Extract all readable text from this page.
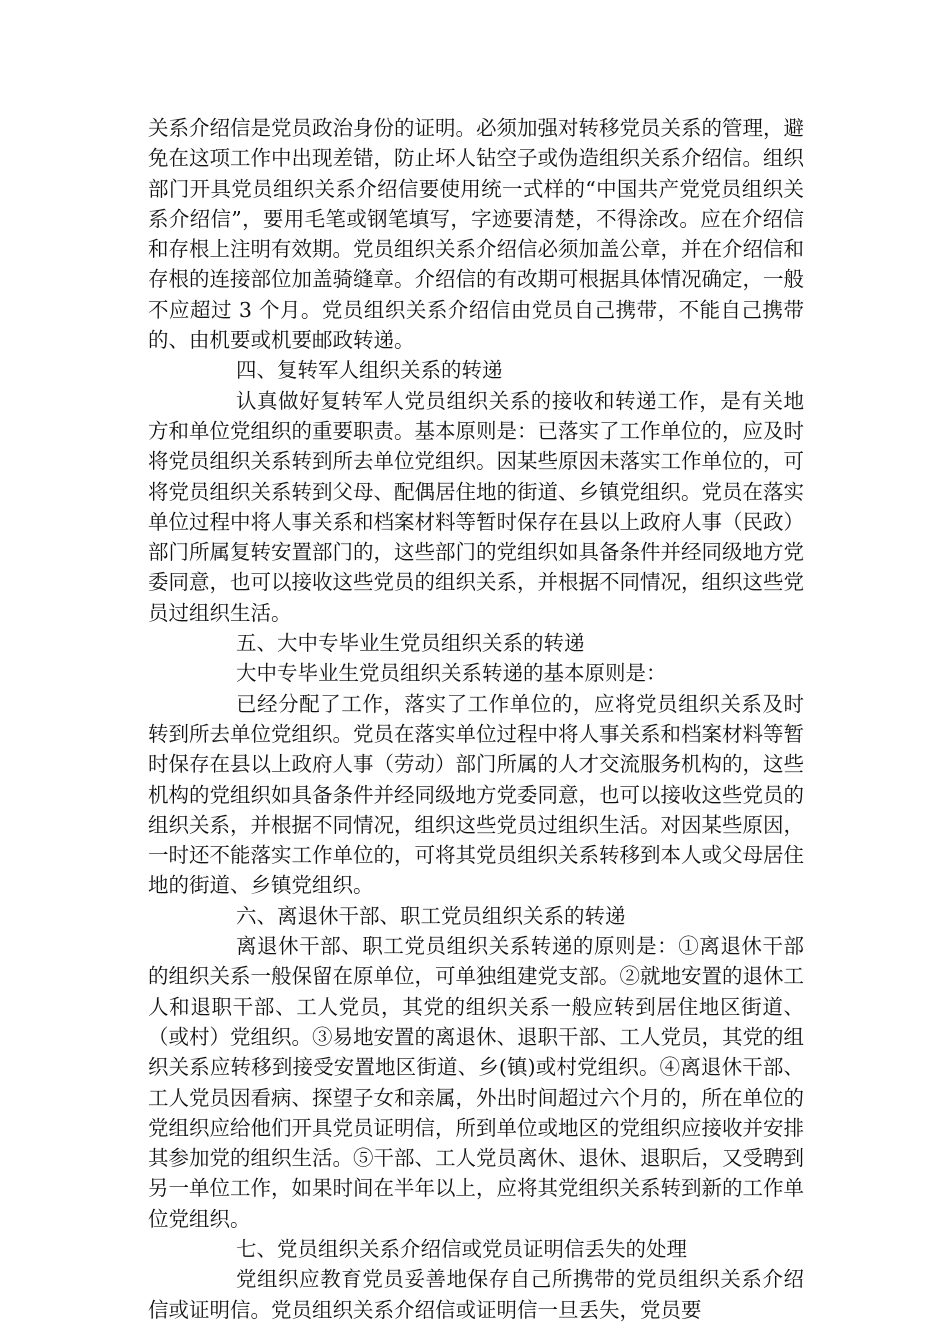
关系介绍信是党员政治身份的证明。必须加强对转移党员关系的管理，避免在这项工作中出现差错，防止坏人钻空子或伪造组织关系介绍信。组织部门开具党员组织关系介绍信要使用统一式样的“中国共产党党员组织关系介绍信”，要用毛笔或钢笔填写，字迹要清楚，不得涂改。应在介绍信和存根上注明有效期。党员组织关系介绍信必须加盖公章，并在介绍信和存根的连接部位加盖骑缝章。介绍信的有改期可根据具体情况确定，一般不应超过 3 个月。党员组织关系介绍信由党员自己携带，不能自己携带的、由机要或机要邮政转递。

四、复转军人组织关系的转递

认真做好复转军人党员组织关系的接收和转递工作，是有关地方和单位党组织的重要职责。基本原则是：已落实了工作单位的，应及时将党员组织关系转到所去单位党组织。因某些原因未落实工作单位的，可将党员组织关系转到父母、配偶居住地的街道、乡镇党组织。党员在落实单位过程中将人事关系和档案材料等暂时保存在县以上政府人事（民政）部门所属复转安置部门的，这些部门的党组织如具备条件并经同级地方党委同意，也可以接收这些党员的组织关系，并根据不同情况，组织这些党员过组织生活。

五、大中专毕业生党员组织关系的转递

大中专毕业生党员组织关系转递的基本原则是：

已经分配了工作，落实了工作单位的，应将党员组织关系及时转到所去单位党组织。党员在落实单位过程中将人事关系和档案材料等暂时保存在县以上政府人事（劳动）部门所属的人才交流服务机构的，这些机构的党组织如具备条件并经同级地方党委同意，也可以接收这些党员的组织关系，并根据不同情况，组织这些党员过组织生活。对因某些原因，一时还不能落实工作单位的，可将其党员组织关系转移到本人或父母居住地的街道、乡镇党组织。

六、离退休干部、职工党员组织关系的转递

离退休干部、职工党员组织关系转递的原则是：①离退休干部的组织关系一般保留在原单位，可单独组建党支部。②就地安置的退休工人和退职干部、工人党员，其党的组织关系一般应转到居住地区街道、（或村）党组织。③易地安置的离退休、退职干部、工人党员，其党的组织关系应转移到接受安置地区街道、乡(镇)或村党组织。④离退休干部、工人党员因看病、探望子女和亲属，外出时间超过六个月的，所在单位的党组织应给他们开具党员证明信，所到单位或地区的党组织应接收并安排其参加党的组织生活。⑤干部、工人党员离休、退休、退职后，又受聘到另一单位工作，如果时间在半年以上，应将其党组织关系转到新的工作单位党组织。

七、党员组织关系介绍信或党员证明信丢失的处理

党组织应教育党员妥善地保存自己所携带的党员组织关系介绍信或证明信。党员组织关系介绍信或证明信一旦丢失，党员要
